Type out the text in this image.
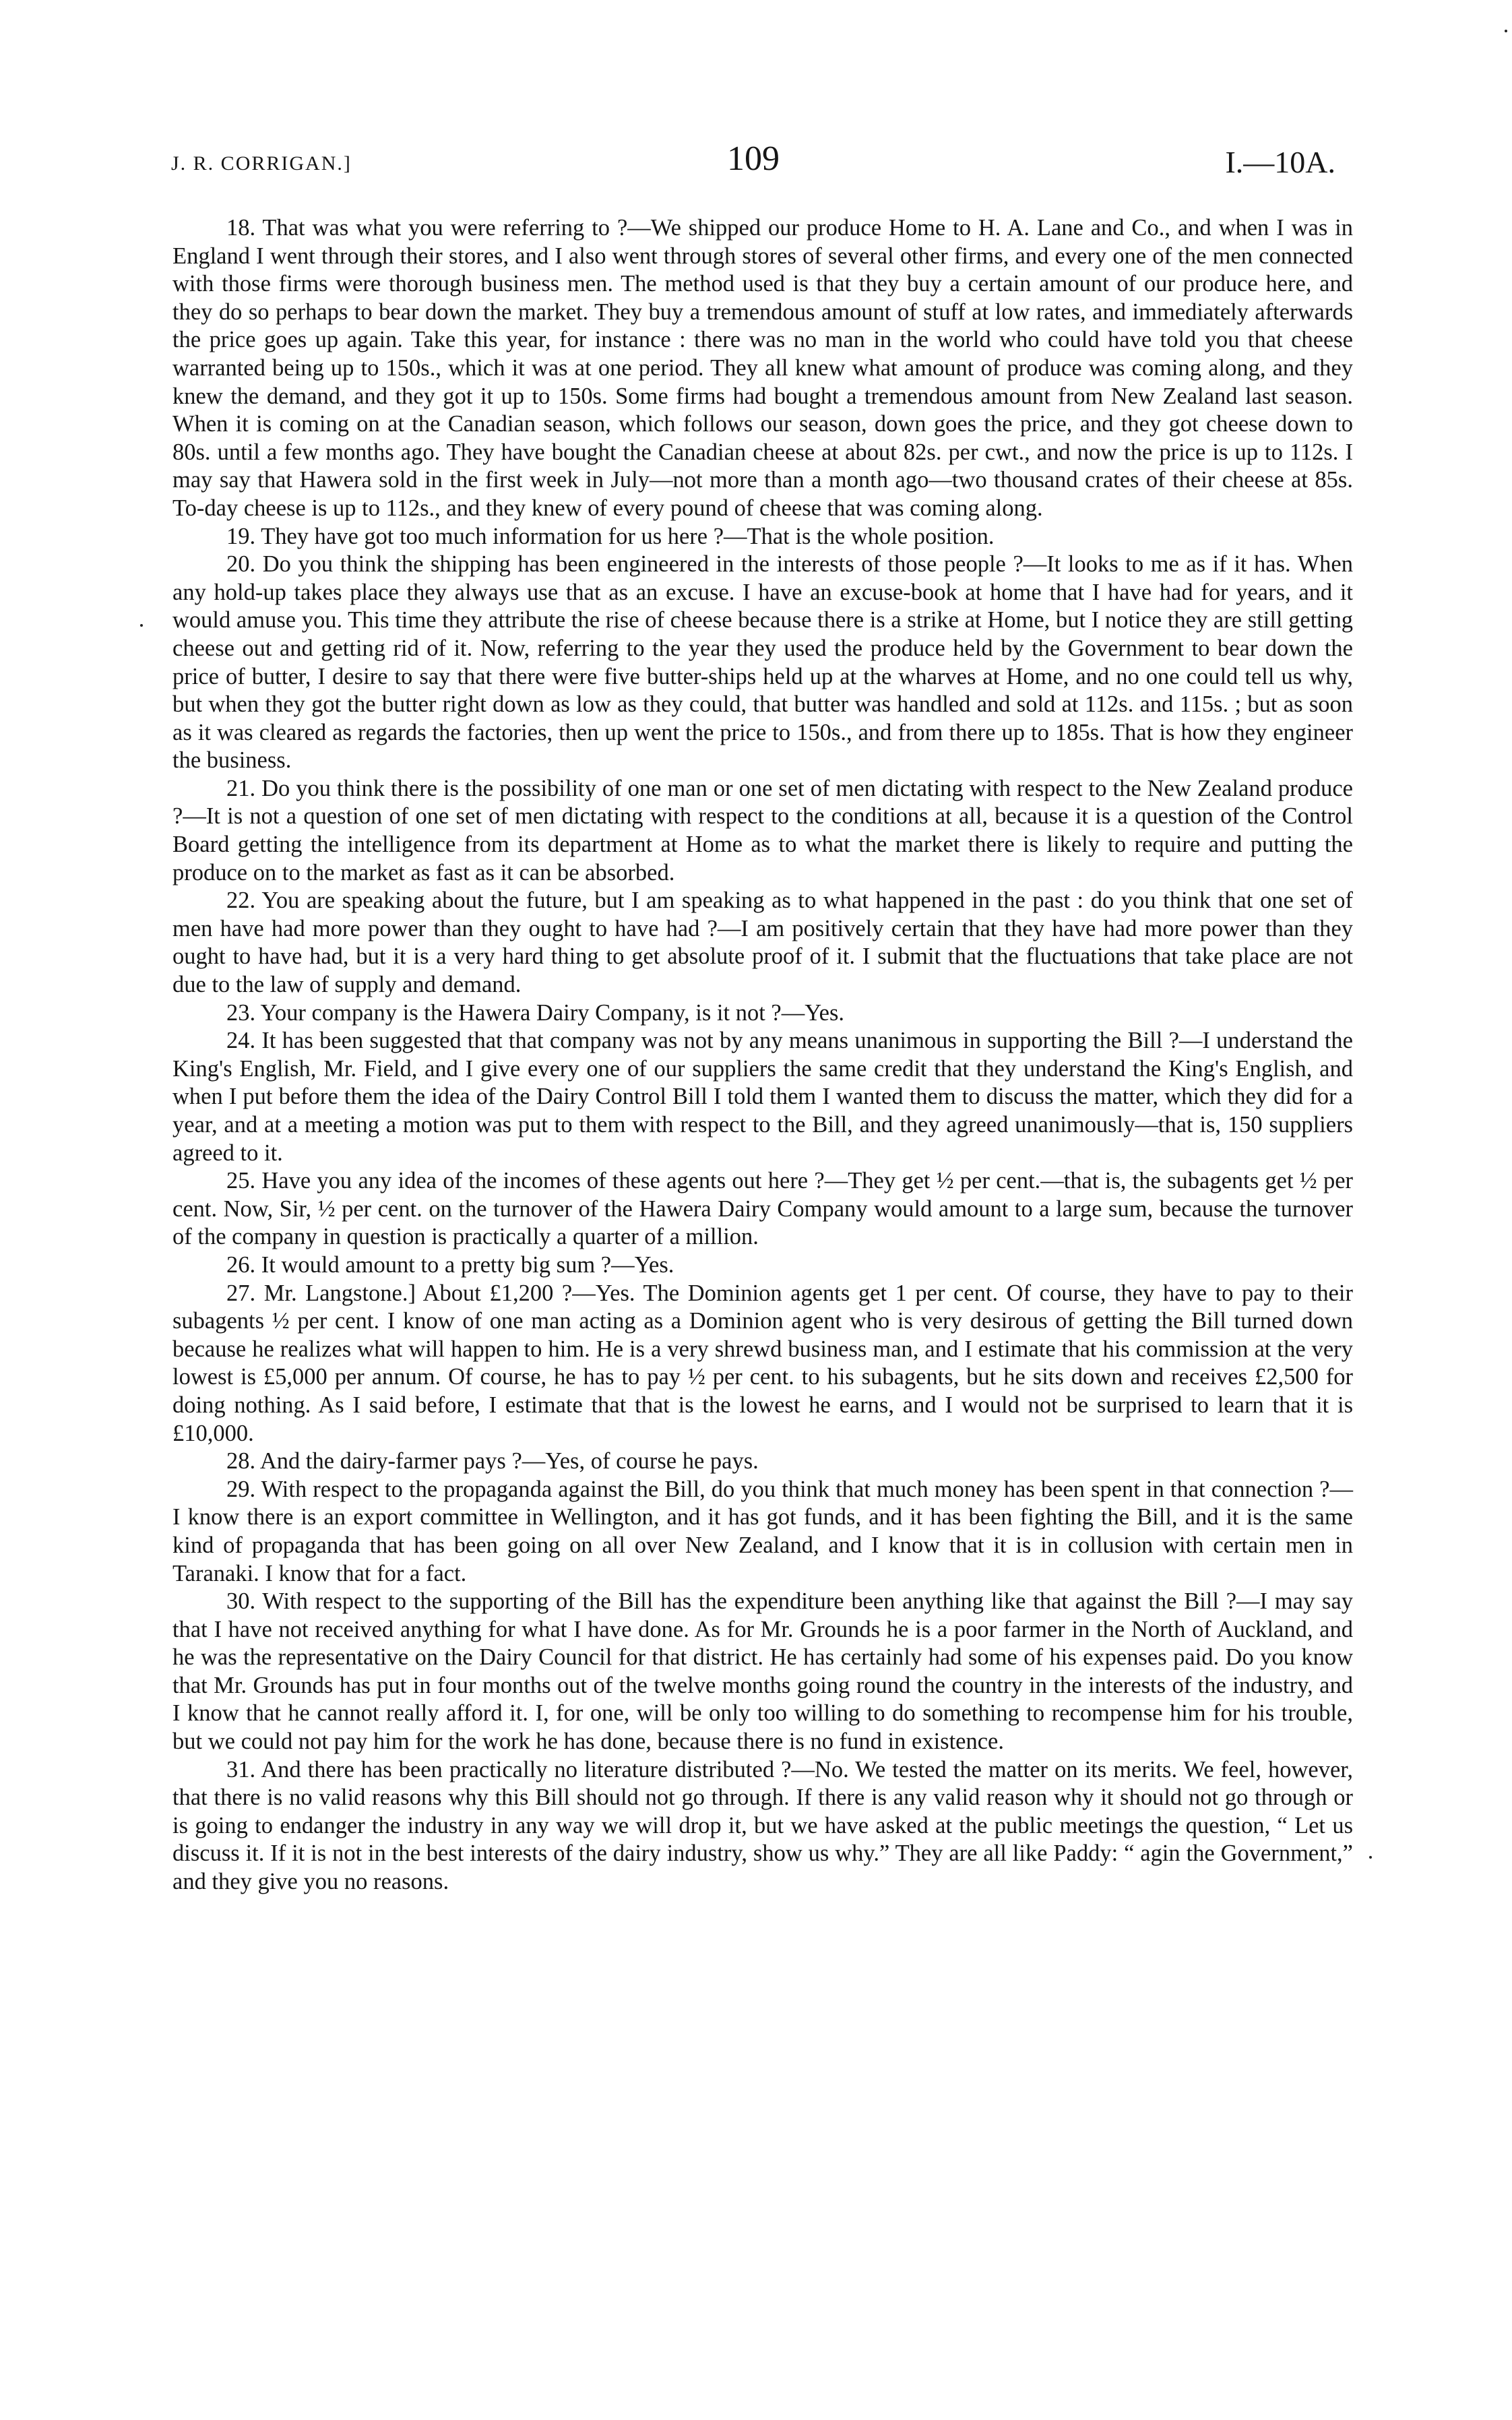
J. R. CORRIGAN.]	109	I.—10A.

18. That was what you were referring to ?—We shipped our produce Home to H. A. Lane and Co., and when I was in England I went through their stores, and I also went through stores of several other firms, and every one of the men connected with those firms were thorough business men. The method used is that they buy a certain amount of our produce here, and they do so perhaps to bear down the market. They buy a tremendous amount of stuff at low rates, and immediately afterwards the price goes up again. Take this year, for instance : there was no man in the world who could have told you that cheese warranted being up to 150s., which it was at one period. They all knew what amount of produce was coming along, and they knew the demand, and they got it up to 150s. Some firms had bought a tremendous amount from New Zealand last season. When it is coming on at the Canadian season, which follows our season, down goes the price, and they got cheese down to 80s. until a few months ago. They have bought the Canadian cheese at about 82s. per cwt., and now the price is up to 112s. I may say that Hawera sold in the first week in July—not more than a month ago—two thousand crates of their cheese at 85s. To-day cheese is up to 112s., and they knew of every pound of cheese that was coming along.

19. They have got too much information for us here ?—That is the whole position.

20. Do you think the shipping has been engineered in the interests of those people ?—It looks to me as if it has. When any hold-up takes place they always use that as an excuse. I have an excuse-book at home that I have had for years, and it would amuse you. This time they attribute the rise of cheese because there is a strike at Home, but I notice they are still getting cheese out and getting rid of it. Now, referring to the year they used the produce held by the Government to bear down the price of butter, I desire to say that there were five butter-ships held up at the wharves at Home, and no one could tell us why, but when they got the butter right down as low as they could, that butter was handled and sold at 112s. and 115s. ; but as soon as it was cleared as regards the factories, then up went the price to 150s., and from there up to 185s. That is how they engineer the business.

21. Do you think there is the possibility of one man or one set of men dictating with respect to the New Zealand produce ?—It is not a question of one set of men dictating with respect to the conditions at all, because it is a question of the Control Board getting the intelligence from its department at Home as to what the market there is likely to require and putting the produce on to the market as fast as it can be absorbed.

22. You are speaking about the future, but I am speaking as to what happened in the past : do you think that one set of men have had more power than they ought to have had ?—I am positively certain that they have had more power than they ought to have had, but it is a very hard thing to get absolute proof of it. I submit that the fluctuations that take place are not due to the law of supply and demand.

23. Your company is the Hawera Dairy Company, is it not ?—Yes.

24. It has been suggested that that company was not by any means unanimous in supporting the Bill ?—I understand the King's English, Mr. Field, and I give every one of our suppliers the same credit that they understand the King's English, and when I put before them the idea of the Dairy Control Bill I told them I wanted them to discuss the matter, which they did for a year, and at a meeting a motion was put to them with respect to the Bill, and they agreed unanimously—that is, 150 suppliers agreed to it.

25. Have you any idea of the incomes of these agents out here ?—They get ½ per cent.—that is, the subagents get ½ per cent. Now, Sir, ½ per cent. on the turnover of the Hawera Dairy Company would amount to a large sum, because the turnover of the company in question is practically a quarter of a million.

26. It would amount to a pretty big sum ?—Yes.

27. Mr. Langstone.] About £1,200 ?—Yes. The Dominion agents get 1 per cent. Of course, they have to pay to their subagents ½ per cent. I know of one man acting as a Dominion agent who is very desirous of getting the Bill turned down because he realizes what will happen to him. He is a very shrewd business man, and I estimate that his commission at the very lowest is £5,000 per annum. Of course, he has to pay ½ per cent. to his subagents, but he sits down and receives £2,500 for doing nothing. As I said before, I estimate that that is the lowest he earns, and I would not be surprised to learn that it is £10,000.

28. And the dairy-farmer pays ?—Yes, of course he pays.

29. With respect to the propaganda against the Bill, do you think that much money has been spent in that connection ?—I know there is an export committee in Wellington, and it has got funds, and it has been fighting the Bill, and it is the same kind of propaganda that has been going on all over New Zealand, and I know that it is in collusion with certain men in Taranaki. I know that for a fact.

30. With respect to the supporting of the Bill has the expenditure been anything like that against the Bill ?—I may say that I have not received anything for what I have done. As for Mr. Grounds he is a poor farmer in the North of Auckland, and he was the representative on the Dairy Council for that district. He has certainly had some of his expenses paid. Do you know that Mr. Grounds has put in four months out of the twelve months going round the country in the interests of the industry, and I know that he cannot really afford it. I, for one, will be only too willing to do something to recompense him for his trouble, but we could not pay him for the work he has done, because there is no fund in existence.

31. And there has been practically no literature distributed ?—No. We tested the matter on its merits. We feel, however, that there is no valid reasons why this Bill should not go through. If there is any valid reason why it should not go through or is going to endanger the industry in any way we will drop it, but we have asked at the public meetings the question, “ Let us discuss it. If it is not in the best interests of the dairy industry, show us why.” They are all like Paddy: “ agin the Government,” and they give you no reasons.
